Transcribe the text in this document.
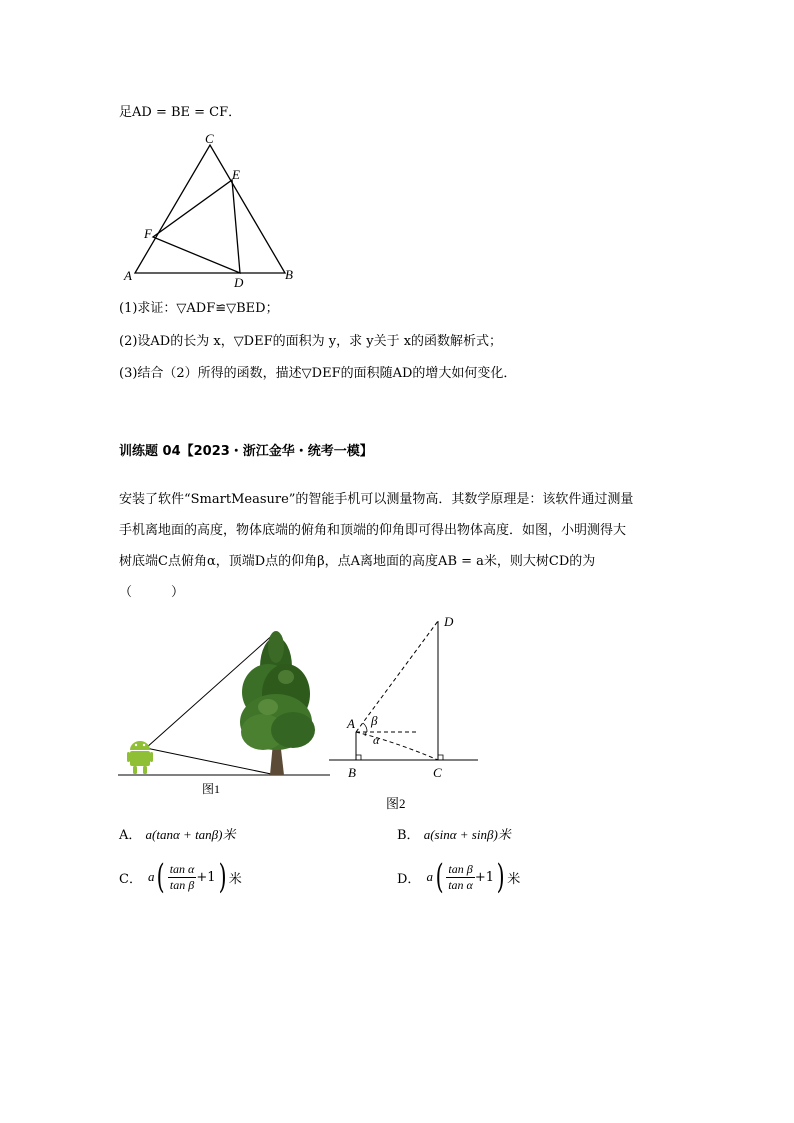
足AD = BE = CF．
A	B
C
D
E
F
(1)求证：▽ADF≌▽BED；
(2)设AD的长为 x，▽DEF的面积为 y，求 y关于 x的函数解析式；
(3)结合（2）所得的函数，描述▽DEF的面积随AD的增大如何变化．
训练题 04【2023・浙江金华・统考一模】
安装了软件“SmartMeasure”的智能手机可以测量物高．其数学原理是：该软件通过测量
手机离地面的高度，物体底端的俯角和顶端的仰角即可得出物体高度．如图，小明测得大
树底端C点俯角α，顶端D点的仰角β，点A离地面的高度AB = a米，则大树CD的为
（　　　）
图1
D
A
B	C
β
α
图2
A． a(tanα + tanβ)米	B． a(sinα + sinβ)米
C． a ( $\frac{\text{tan α}}{\text{tan β}} +1$ ) 米	D． a ( $\frac{\text{tan β}}{\text{tan α}} +1$ ) 米
